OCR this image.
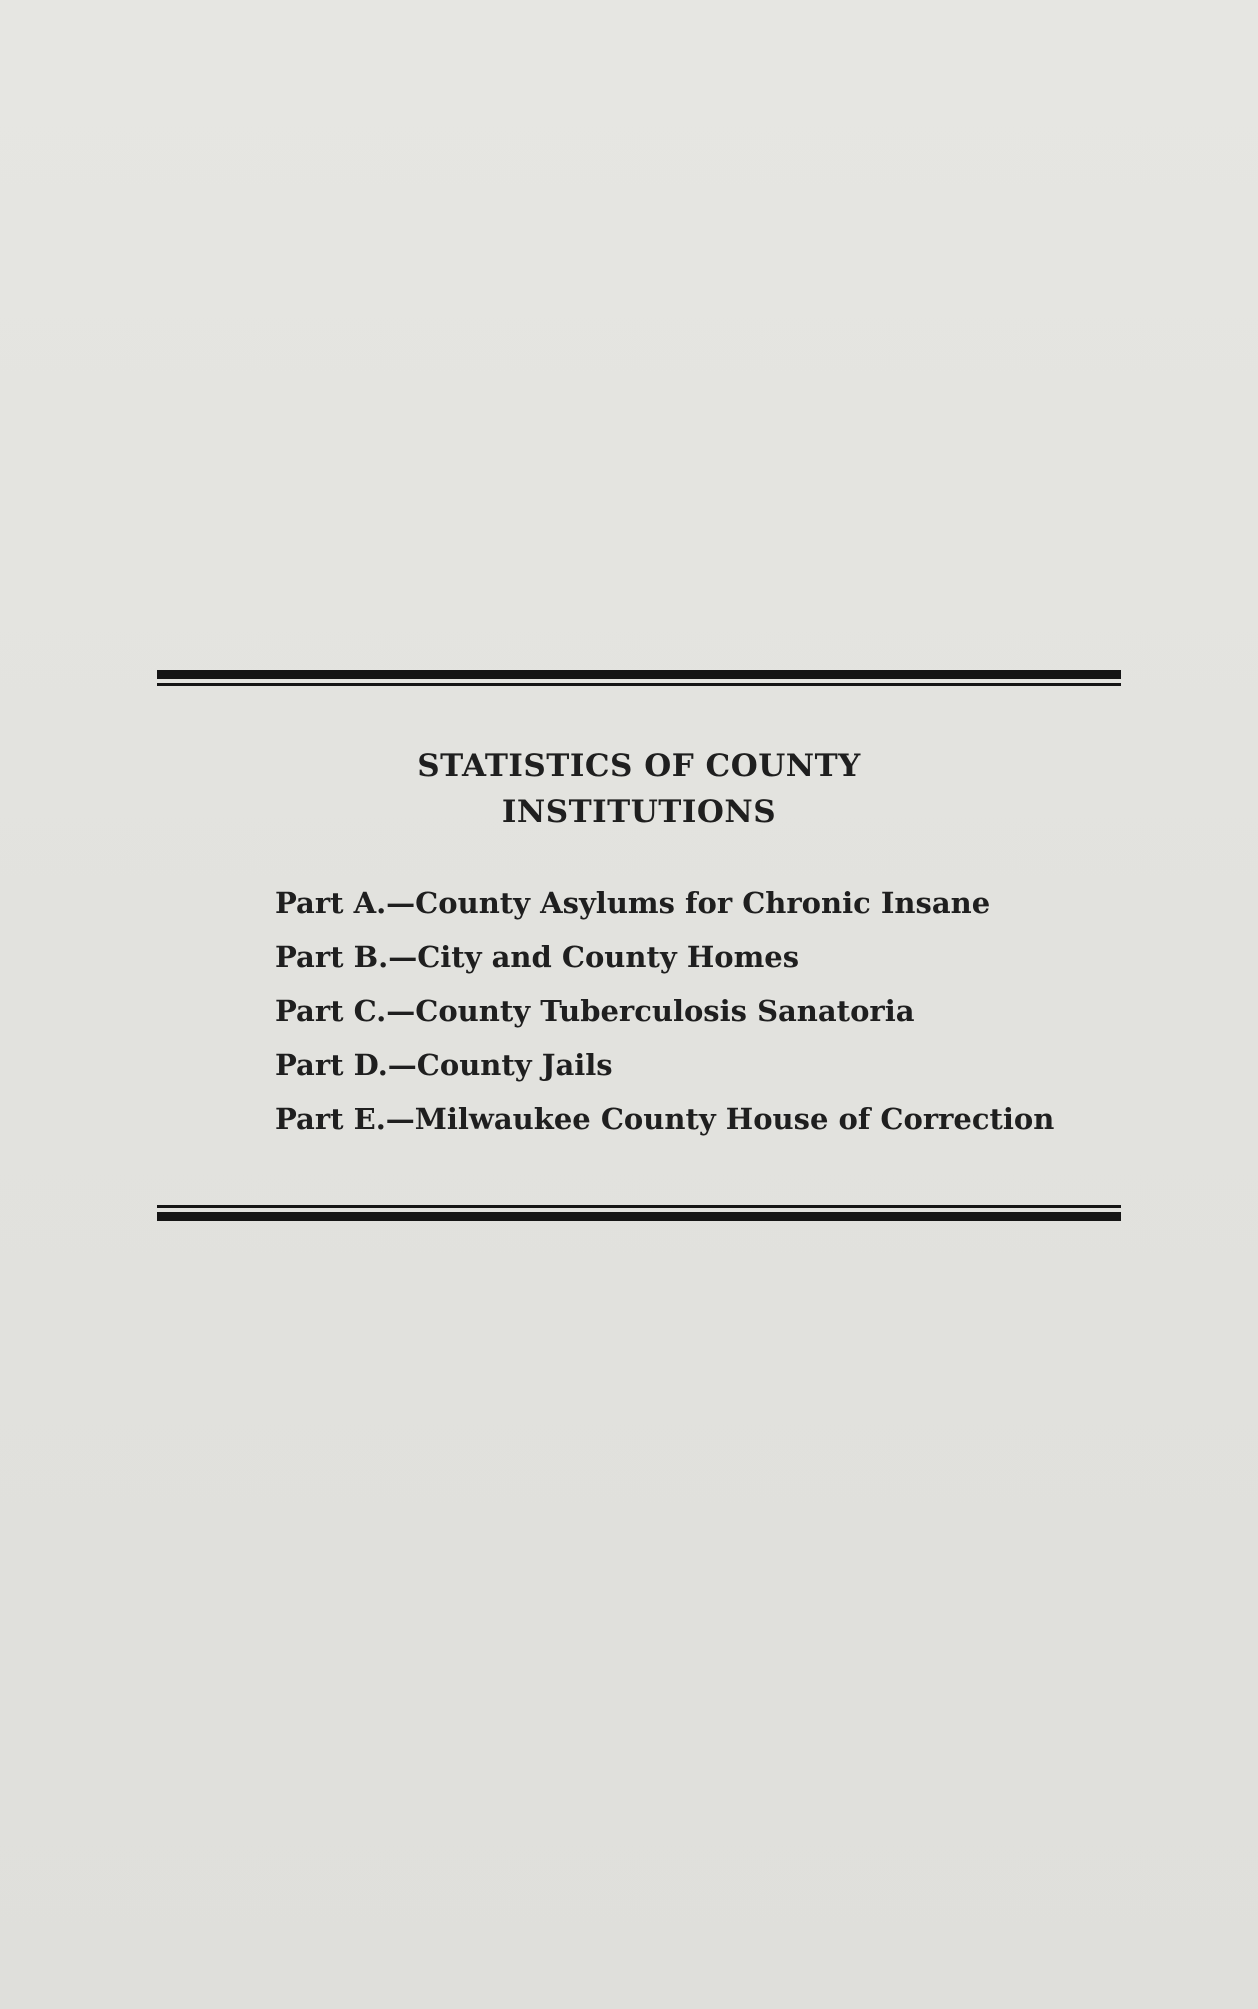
STATISTICS OF COUNTY
INSTITUTIONS
Part A.—County Asylums for Chronic Insane
Part B.—City and County Homes
Part C.—County Tuberculosis Sanatoria
Part D.—County Jails
Part E.—Milwaukee County House of Correction
